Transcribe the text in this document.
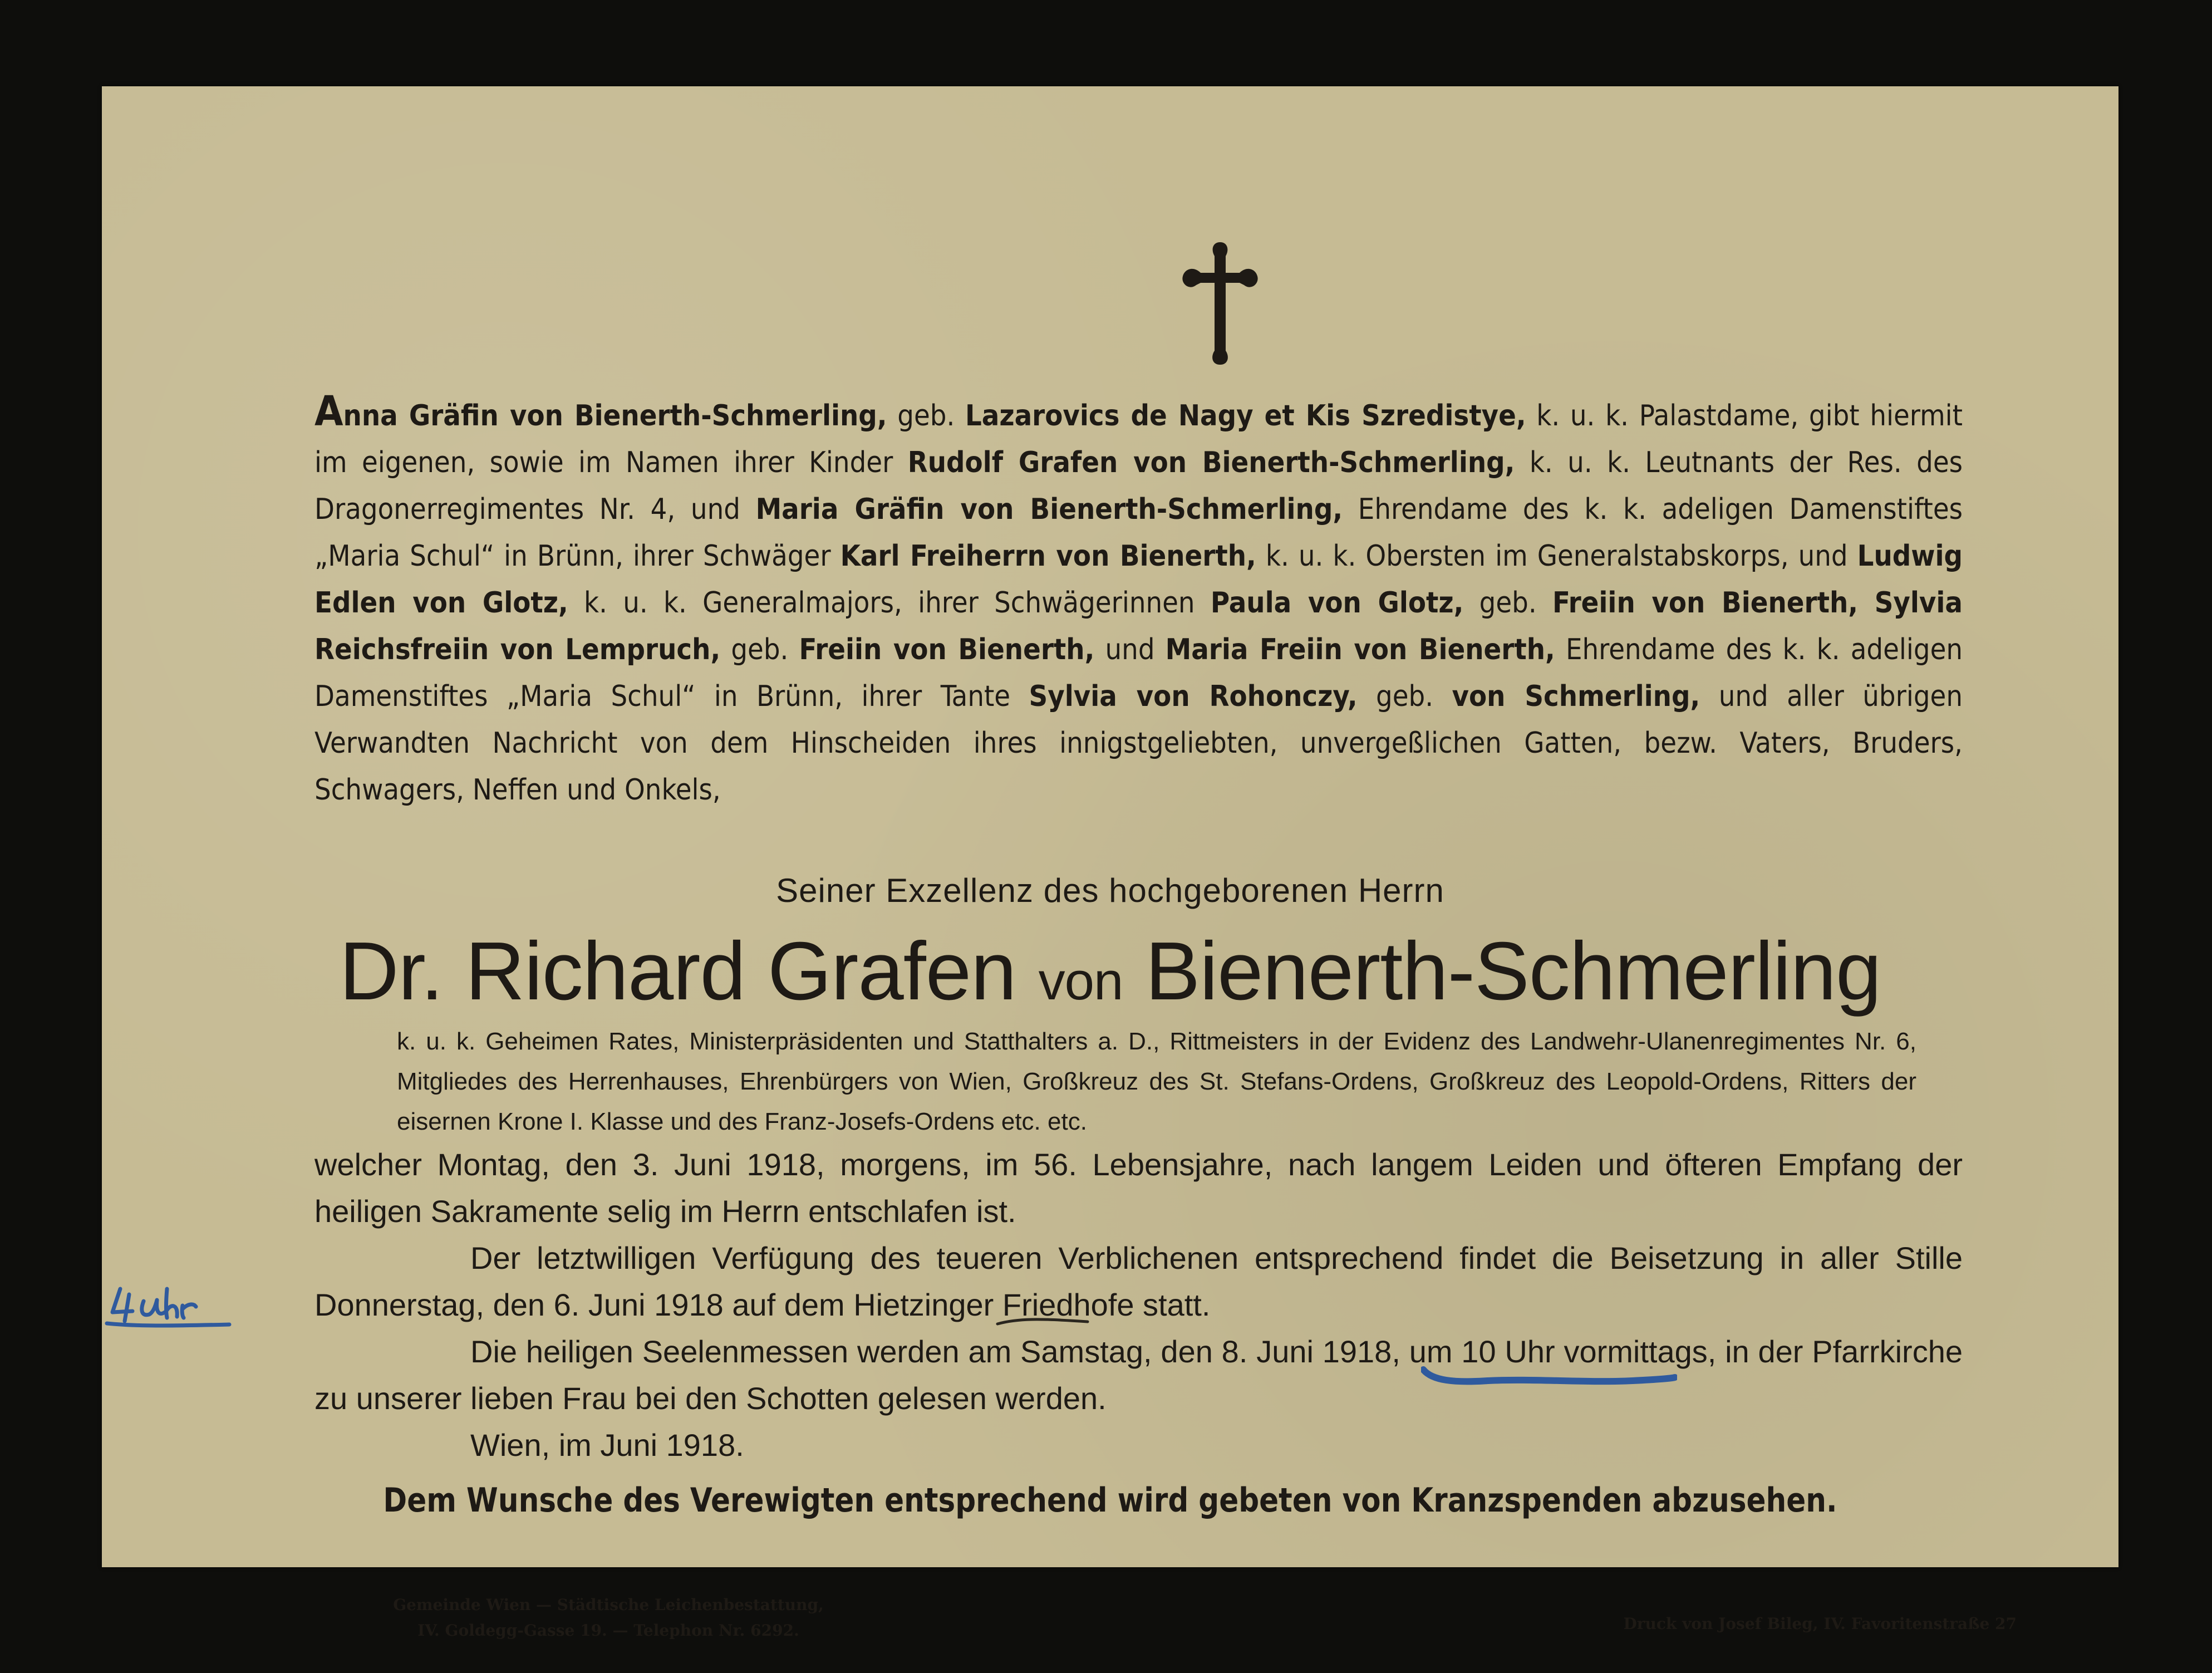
Anna Gräfin von Bienerth-Schmerling, geb. Lazarovics de Nagy et Kis Szredistye, k. u. k. Palastdame, gibt hiermit im eigenen, sowie im Namen ihrer Kinder Rudolf Grafen von Bienerth-Schmerling, k. u. k. Leutnants der Res. des Dragonerregimentes Nr. 4, und Maria Gräfin von Bienerth-Schmerling, Ehrendame des k. k. adeligen Damenstiftes „Maria Schul“ in Brünn, ihrer Schwäger Karl Freiherrn von Bienerth, k. u. k. Obersten im Generalstabskorps, und Ludwig Edlen von Glotz, k. u. k. Generalmajors, ihrer Schwägerinnen Paula von Glotz, geb. Freiin von Bienerth, Sylvia Reichsfreiin von Lempruch, geb. Freiin von Bienerth, und Maria Freiin von Bienerth, Ehrendame des k. k. adeligen Damenstiftes „Maria Schul“ in Brünn, ihrer Tante Sylvia von Rohonczy, geb. von Schmerling, und aller übrigen Verwandten Nachricht von dem Hinscheiden ihres innigstgeliebten, unvergeßlichen Gatten, bezw. Vaters, Bruders, Schwagers, Neffen und Onkels,
Seiner Exzellenz des hochgeborenen Herrn
Dr. Richard Grafen von Bienerth-Schmerling
k. u. k. Geheimen Rates, Ministerpräsidenten und Statthalters a. D., Rittmeisters in der Evidenz des Landwehr-Ulanenregimentes Nr. 6, Mitgliedes des Herrenhauses, Ehrenbürgers von Wien, Großkreuz des St. Stefans-Ordens, Großkreuz des Leopold-Ordens, Ritters der eisernen Krone I. Klasse und des Franz-Josefs-Ordens etc. etc.

welcher Montag, den 3. Juni 1918, morgens, im 56. Lebensjahre, nach langem Leiden und öfteren Empfang der heiligen Sakramente selig im Herrn entschlafen ist.

Der letztwilligen Verfügung des teueren Verblichenen entsprechend findet die Beisetzung in aller Stille Donnerstag, den 6. Juni 1918 auf dem Hietzinger Friedhofe statt.

Die heiligen Seelenmessen werden am Samstag, den 8. Juni 1918, um 10 Uhr vormittags, in der Pfarrkirche zu unserer lieben Frau bei den Schotten gelesen werden.

Wien, im Juni 1918.

Dem Wunsche des Verewigten entsprechend wird gebeten von Kranzspenden abzusehen.
Gemeinde Wien — Städtische Leichenbestattung,
IV. Goldegg-Gasse 19. — Telephon Nr. 6292.	Druck von Josef Bileg, IV. Favoritenstraße 27
